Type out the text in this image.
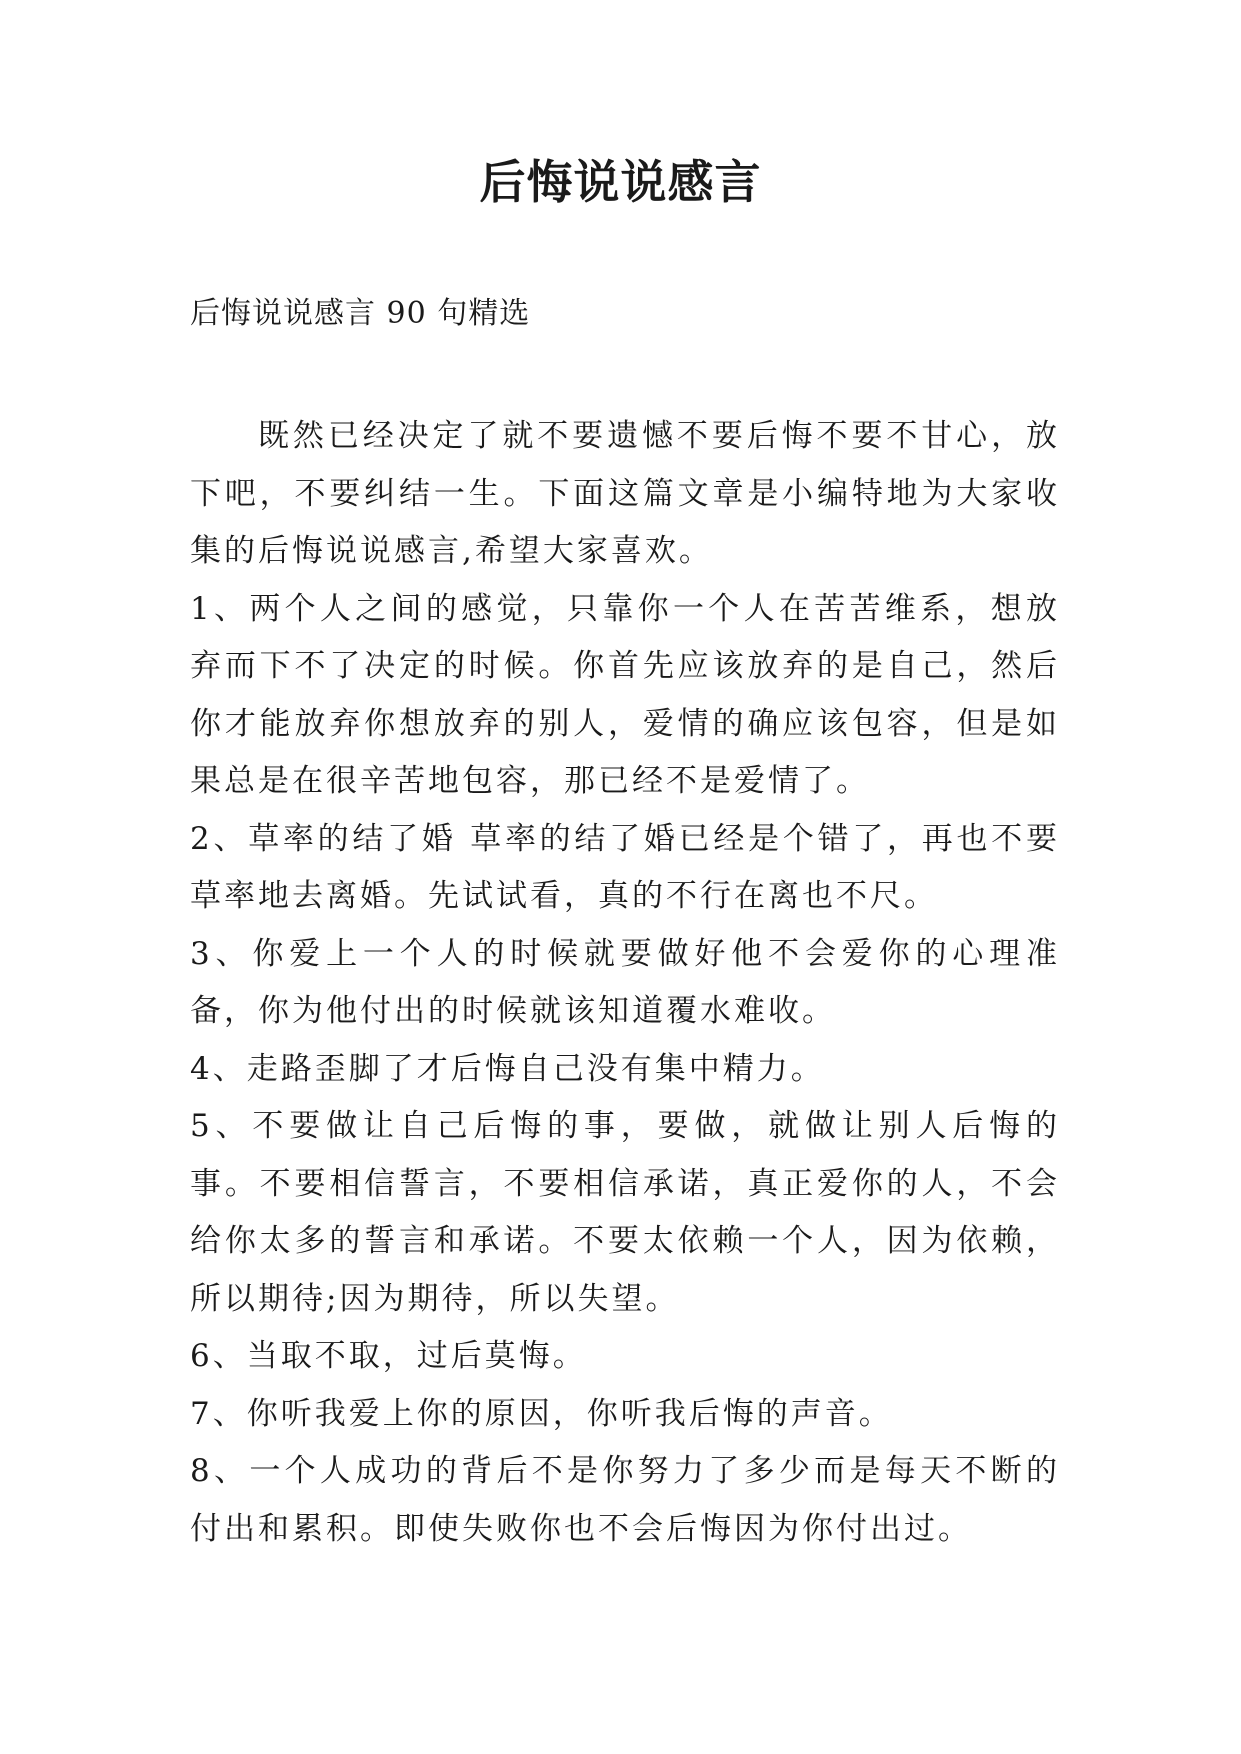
后悔说说感言
后悔说说感言 90 句精选

既然已经决定了就不要遗憾不要后悔不要不甘心，放下吧，不要纠结一生。下面这篇文章是小编特地为大家收集的后悔说说感言,希望大家喜欢。

1、两个人之间的感觉，只靠你一个人在苦苦维系，想放弃而下不了决定的时候。你首先应该放弃的是自己，然后你才能放弃你想放弃的别人，爱情的确应该包容，但是如果总是在很辛苦地包容，那已经不是爱情了。

2、草率的结了婚 草率的结了婚已经是个错了，再也不要草率地去离婚。先试试看，真的不行在离也不尺。

3、你爱上一个人的时候就要做好他不会爱你的心理准备，你为他付出的时候就该知道覆水难收。

4、走路歪脚了才后悔自己没有集中精力。

5、不要做让自己后悔的事，要做，就做让别人后悔的事。不要相信誓言，不要相信承诺，真正爱你的人，不会给你太多的誓言和承诺。不要太依赖一个人，因为依赖，所以期待;因为期待，所以失望。

6、当取不取，过后莫悔。

7、你听我爱上你的原因，你听我后悔的声音。

8、一个人成功的背后不是你努力了多少而是每天不断的付出和累积。即使失败你也不会后悔因为你付出过。
